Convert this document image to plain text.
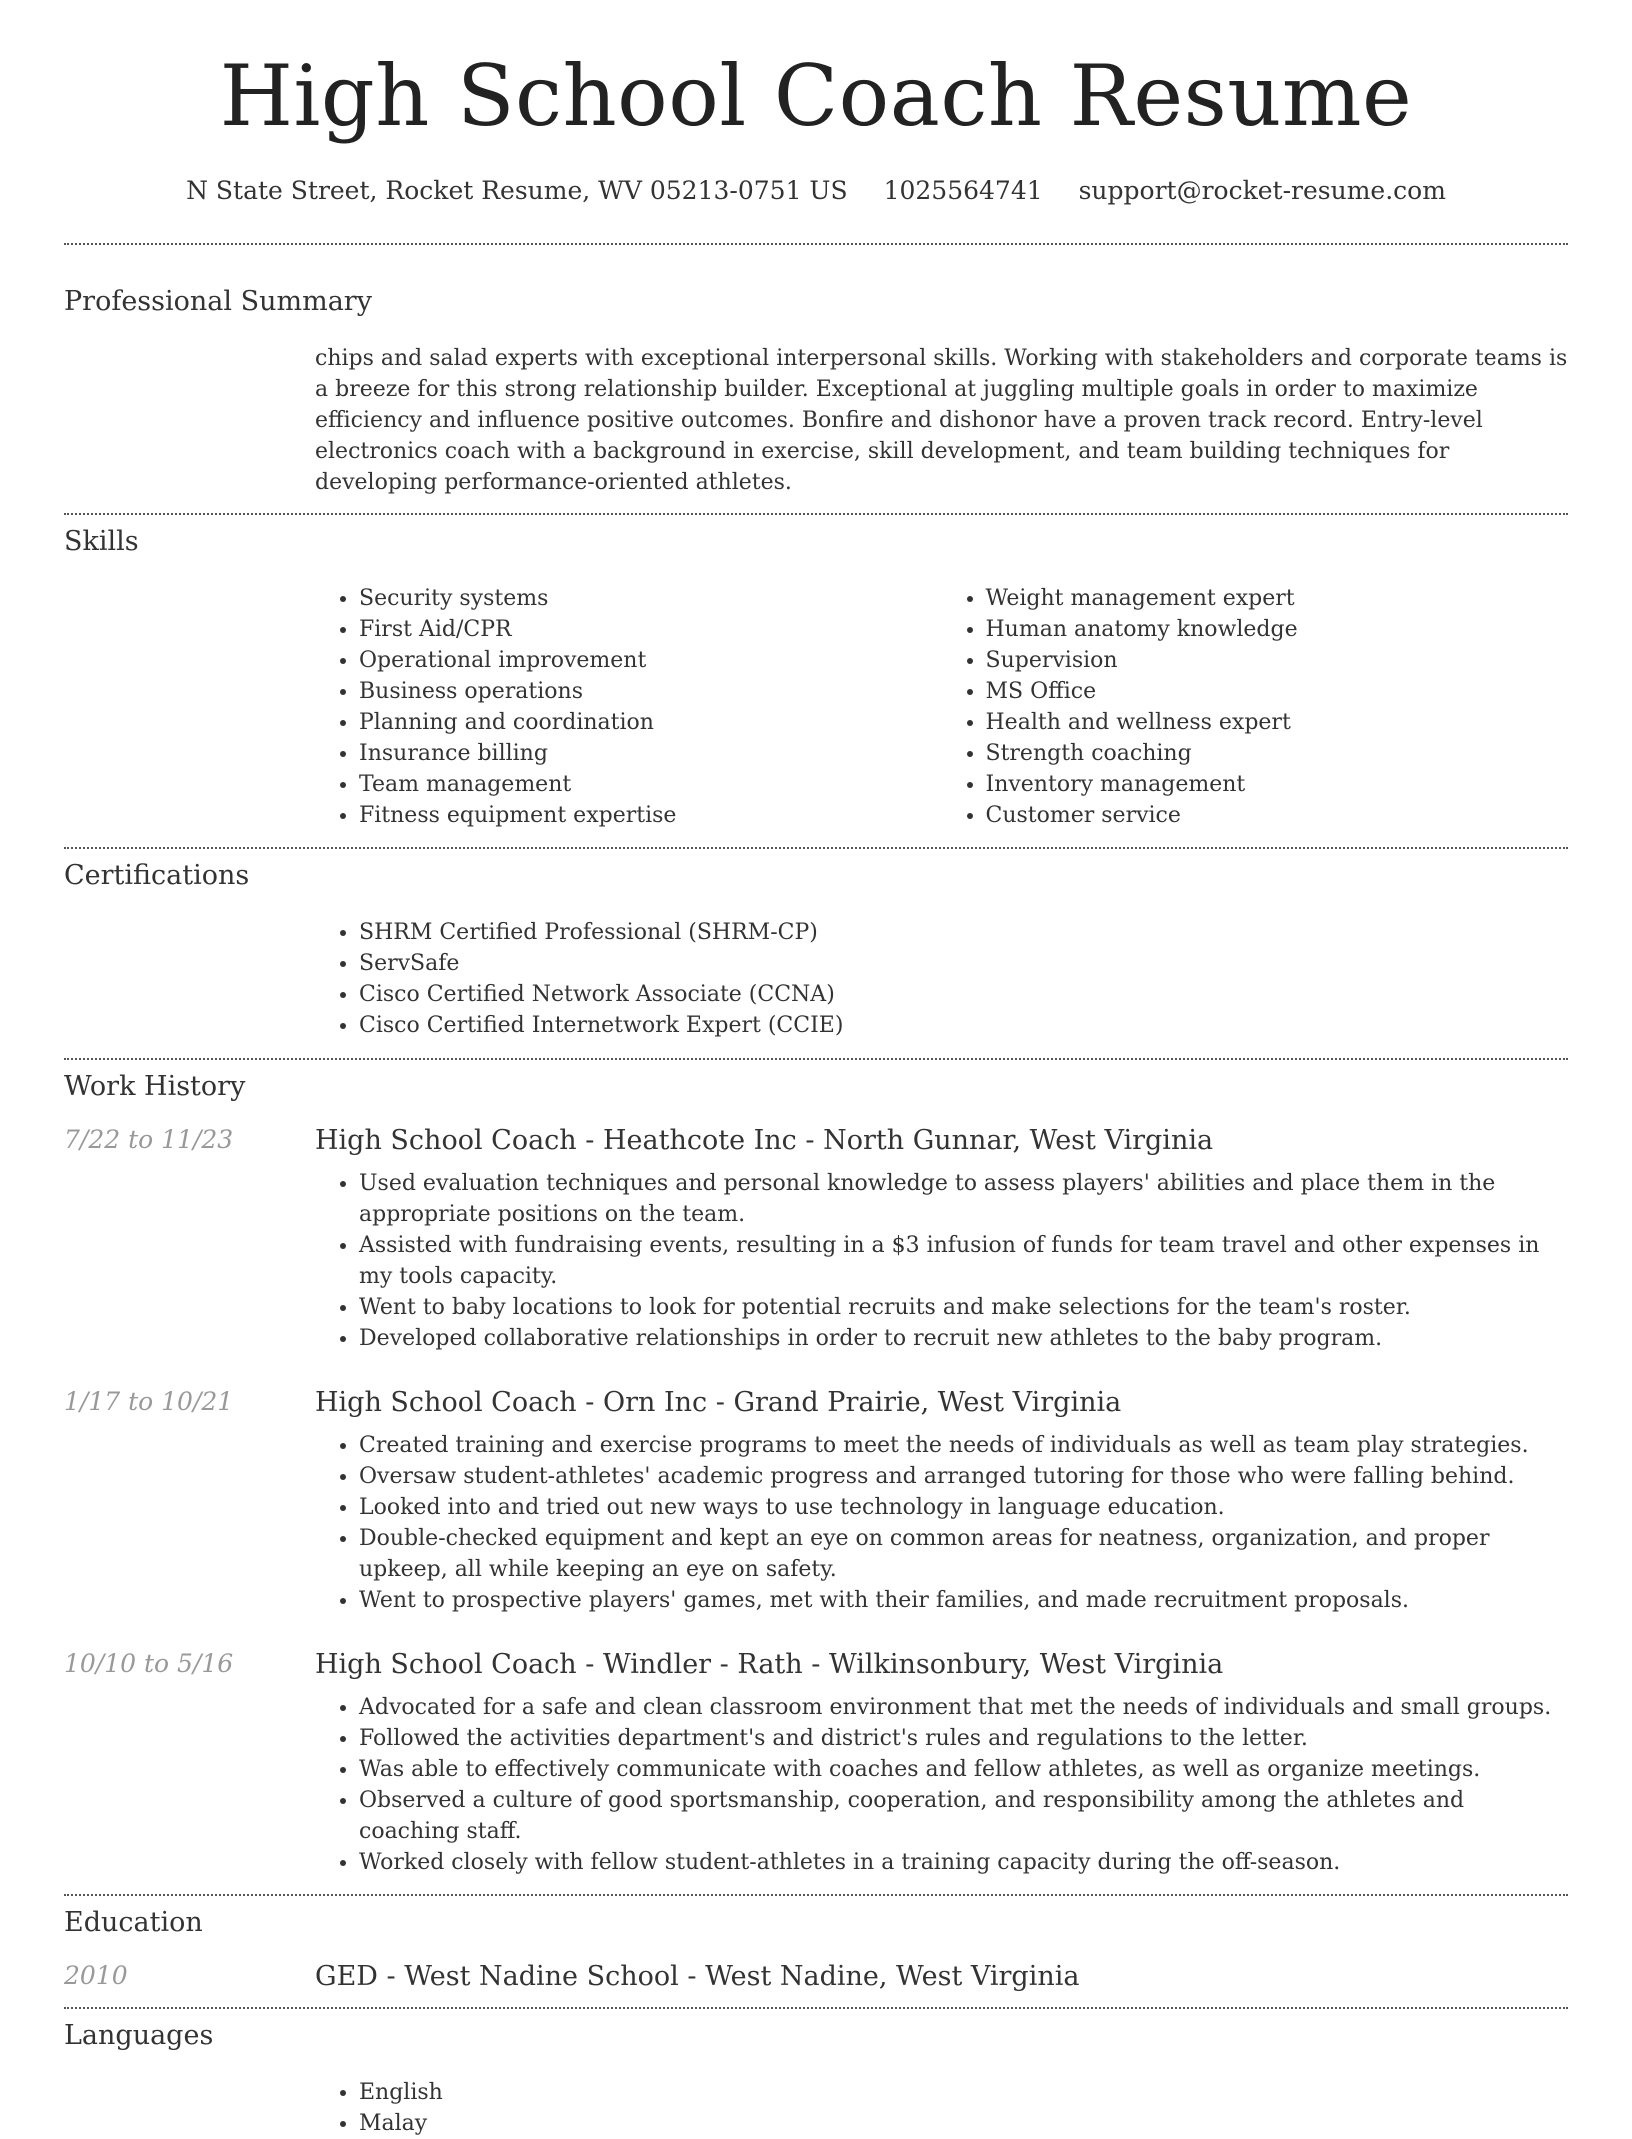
High School Coach Resume
N State Street, Rocket Resume, WV 05213-0751 US 1025564741 support@rocket-resume.com
Professional Summary

chips and salad experts with exceptional interpersonal skills. Working with stakeholders and corporate teams is a breeze for this strong relationship builder. Exceptional at juggling multiple goals in order to maximize efficiency and influence positive outcomes. Bonfire and dishonor have a proven track record. Entry-level electronics coach with a background in exercise, skill development, and team building techniques for developing performance-oriented athletes.

Skills
• Security systems
• First Aid/CPR
• Operational improvement
• Business operations
• Planning and coordination
• Insurance billing
• Team management
• Fitness equipment expertise
• Weight management expert
• Human anatomy knowledge
• Supervision
• MS Office
• Health and wellness expert
• Strength coaching
• Inventory management
• Customer service
Certifications
• SHRM Certified Professional (SHRM-CP)
• ServSafe
• Cisco Certified Network Associate (CCNA)
• Cisco Certified Internetwork Expert (CCIE)
Work History
7/22 to 11/23	High School Coach - Heathcote Inc - North Gunnar, West Virginia
• Used evaluation techniques and personal knowledge to assess players' abilities and place them in the appropriate positions on the team.
• Assisted with fundraising events, resulting in a $3 infusion of funds for team travel and other expenses in my tools capacity.
• Went to baby locations to look for potential recruits and make selections for the team's roster.
• Developed collaborative relationships in order to recruit new athletes to the baby program.
1/17 to 10/21	High School Coach - Orn Inc - Grand Prairie, West Virginia
• Created training and exercise programs to meet the needs of individuals as well as team play strategies.
• Oversaw student-athletes' academic progress and arranged tutoring for those who were falling behind.
• Looked into and tried out new ways to use technology in language education.
• Double-checked equipment and kept an eye on common areas for neatness, organization, and proper upkeep, all while keeping an eye on safety.
• Went to prospective players' games, met with their families, and made recruitment proposals.
10/10 to 5/16	High School Coach - Windler - Rath - Wilkinsonbury, West Virginia
• Advocated for a safe and clean classroom environment that met the needs of individuals and small groups.
• Followed the activities department's and district's rules and regulations to the letter.
• Was able to effectively communicate with coaches and fellow athletes, as well as organize meetings.
• Observed a culture of good sportsmanship, cooperation, and responsibility among the athletes and coaching staff.
• Worked closely with fellow student-athletes in a training capacity during the off-season.
Education
2010	GED - West Nadine School - West Nadine, West Virginia
Languages
• English
• Malay
